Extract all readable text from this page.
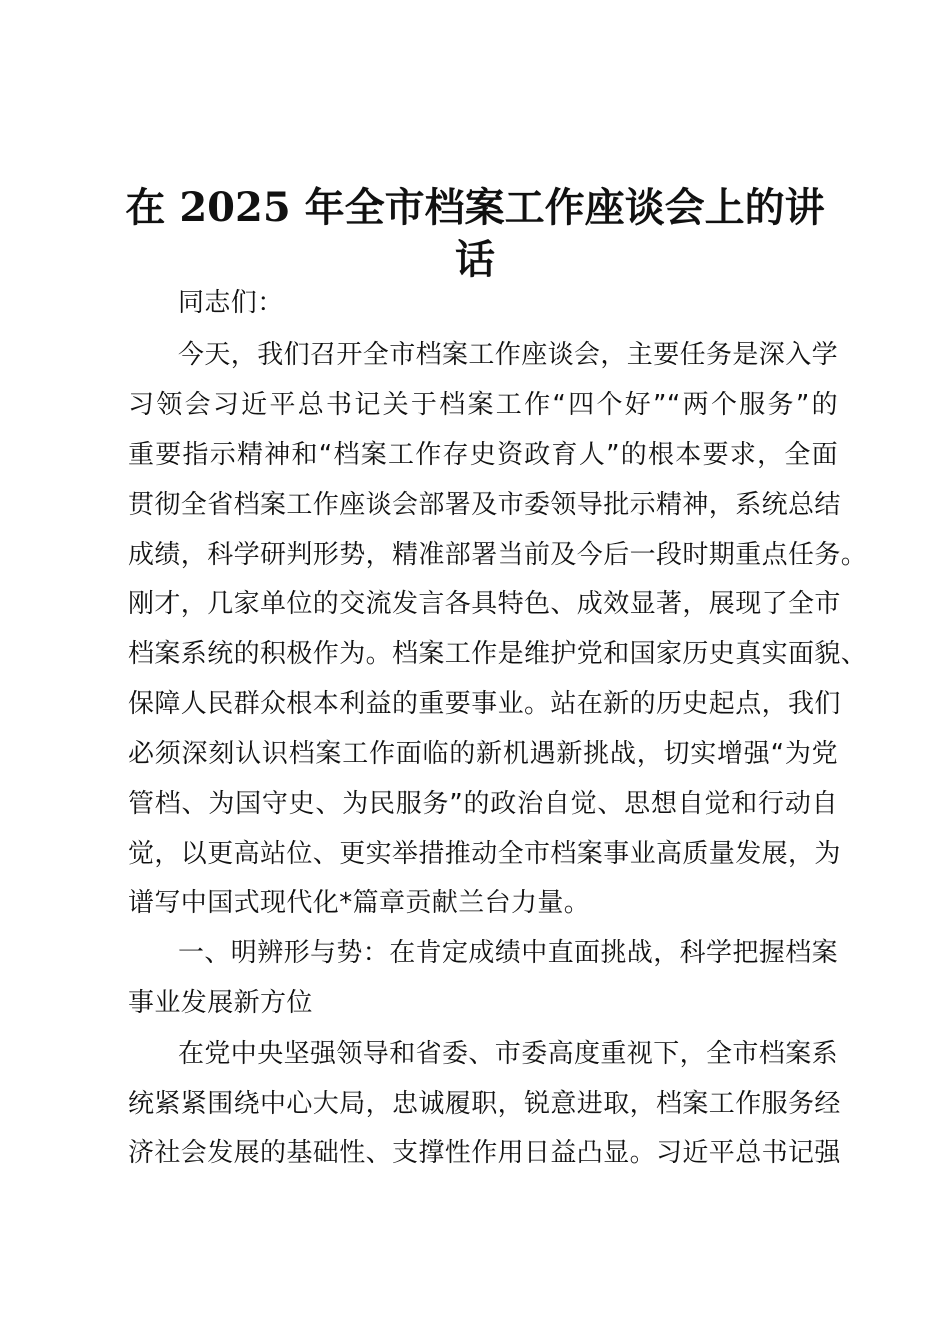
在 2025 年全市档案工作座谈会上的讲
话
同志们：
今天，我们召开全市档案工作座谈会，主要任务是深入学
习领会习近平总书记关于档案工作“四个好”“两个服务”的
重要指示精神和“档案工作存史资政育人”的根本要求，全面
贯彻全省档案工作座谈会部署及市委领导批示精神，系统总结
成绩，科学研判形势，精准部署当前及今后一段时期重点任务。
刚才，几家单位的交流发言各具特色、成效显著，展现了全市
档案系统的积极作为。档案工作是维护党和国家历史真实面貌、
保障人民群众根本利益的重要事业。站在新的历史起点，我们
必须深刻认识档案工作面临的新机遇新挑战，切实增强“为党
管档、为国守史、为民服务”的政治自觉、思想自觉和行动自
觉，以更高站位、更实举措推动全市档案事业高质量发展，为
谱写中国式现代化*篇章贡献兰台力量。
一、明辨形与势：在肯定成绩中直面挑战，科学把握档案
事业发展新方位
在党中央坚强领导和省委、市委高度重视下，全市档案系
统紧紧围绕中心大局，忠诚履职，锐意进取，档案工作服务经
济社会发展的基础性、支撑性作用日益凸显。习近平总书记强
